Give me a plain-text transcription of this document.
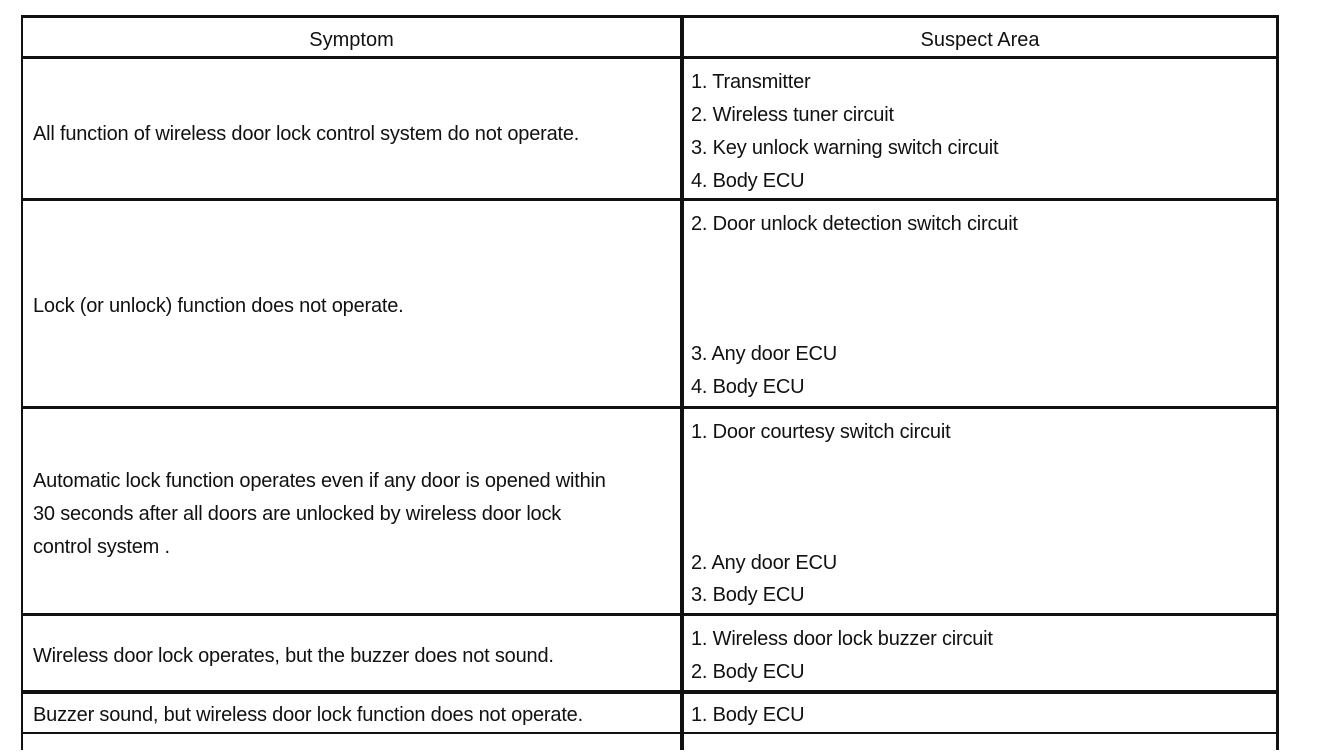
Symptom	Suspect Area
All function of wireless door lock control system do not operate.
1. Transmitter
2. Wireless tuner circuit
3. Key unlock warning switch circuit
4. Body ECU
Lock (or unlock) function does not operate.
2. Door unlock detection switch circuit
3. Any door ECU
4. Body ECU
Automatic lock function operates even if any door is opened within
30 seconds after all doors are unlocked by wireless door lock
control system .
1. Door courtesy switch circuit
2. Any door ECU
3. Body ECU
Wireless door lock operates, but the buzzer does not sound.
1. Wireless door lock buzzer circuit
2. Body ECU
Buzzer sound, but wireless door lock function does not operate.	1. Body ECU
